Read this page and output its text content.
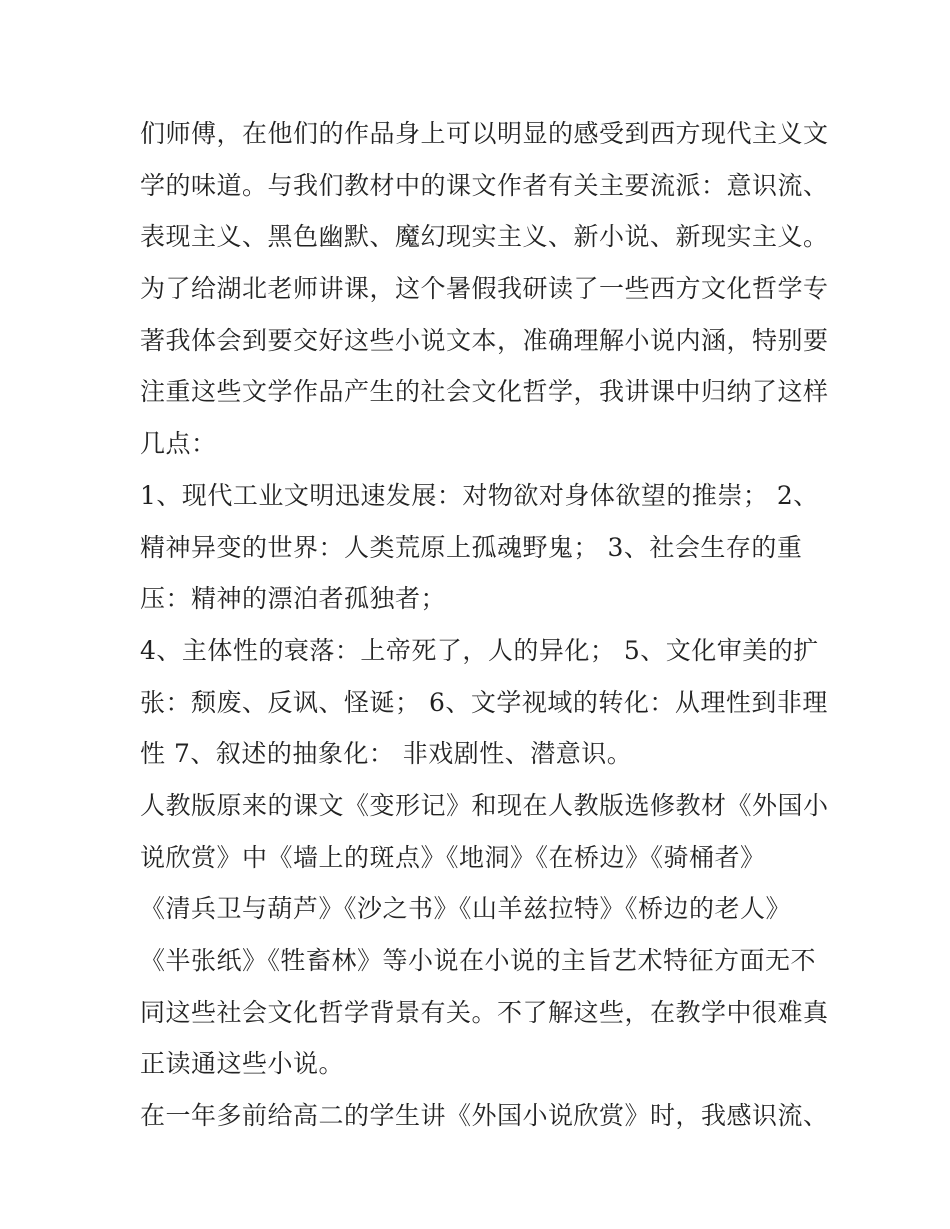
们师傅，在他们的作品身上可以明显的感受到西方现代主义文
学的味道。与我们教材中的课文作者有关主要流派：意识流、
表现主义、黑色幽默、魔幻现实主义、新小说、新现实主义。
为了给湖北老师讲课，这个暑假我研读了一些西方文化哲学专
著我体会到要交好这些小说文本，准确理解小说内涵，特别要
注重这些文学作品产生的社会文化哲学，我讲课中归纳了这样
几点：
1、现代工业文明迅速发展：对物欲对身体欲望的推崇； 2、
精神异变的世界：人类荒原上孤魂野鬼； 3、社会生存的重
压：精神的漂泊者孤独者；
4、主体性的衰落：上帝死了，人的异化； 5、文化审美的扩
张：颓废、反讽、怪诞； 6、文学视域的转化：从理性到非理
性 7、叙述的抽象化： 非戏剧性、潜意识。
人教版原来的课文《变形记》和现在人教版选修教材《外国小
说欣赏》中《墙上的斑点》《地洞》《在桥边》《骑桶者》
《清兵卫与葫芦》《沙之书》《山羊兹拉特》《桥边的老人》
《半张纸》《牲畜林》等小说在小说的主旨艺术特征方面无不
同这些社会文化哲学背景有关。不了解这些，在教学中很难真
正读通这些小说。
在一年多前给高二的学生讲《外国小说欣赏》时，我感识流、
